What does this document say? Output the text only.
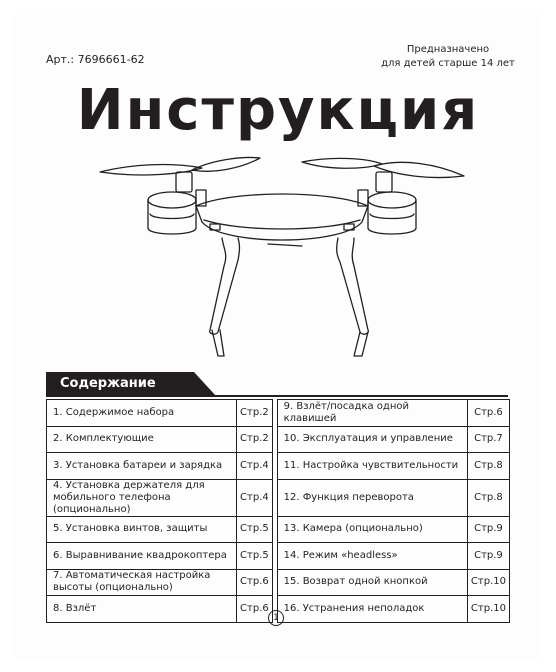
Арт.: 7696661-62
Предназначено
для детей старше 14 лет
Инструкция
Содержание
1. Содержимое набора	Стр.2		9. Взлёт/посадка одной клавишей	Стр.6
2. Комплектующие	Стр.2		10. Эксплуатация и управление	Стр.7
3. Установка батареи и зарядка	Стр.4		11. Настройка чувствительности	Стр.8
4. Установка держателя для мобильного телефона (опционально)	Стр.4		12. Функция переворота	Стр.8
5. Установка винтов, защиты	Стр.5		13. Камера (опционально)	Стр.9
6. Выравнивание квадрокоптера	Стр.5		14. Режим «headless»	Стр.9
7. Автоматическая настройка высоты (опционально)	Стр.6		15. Возврат одной кнопкой	Стр.10
8. Взлёт	Стр.6		16. Устранения неполадок	Стр.10
1
